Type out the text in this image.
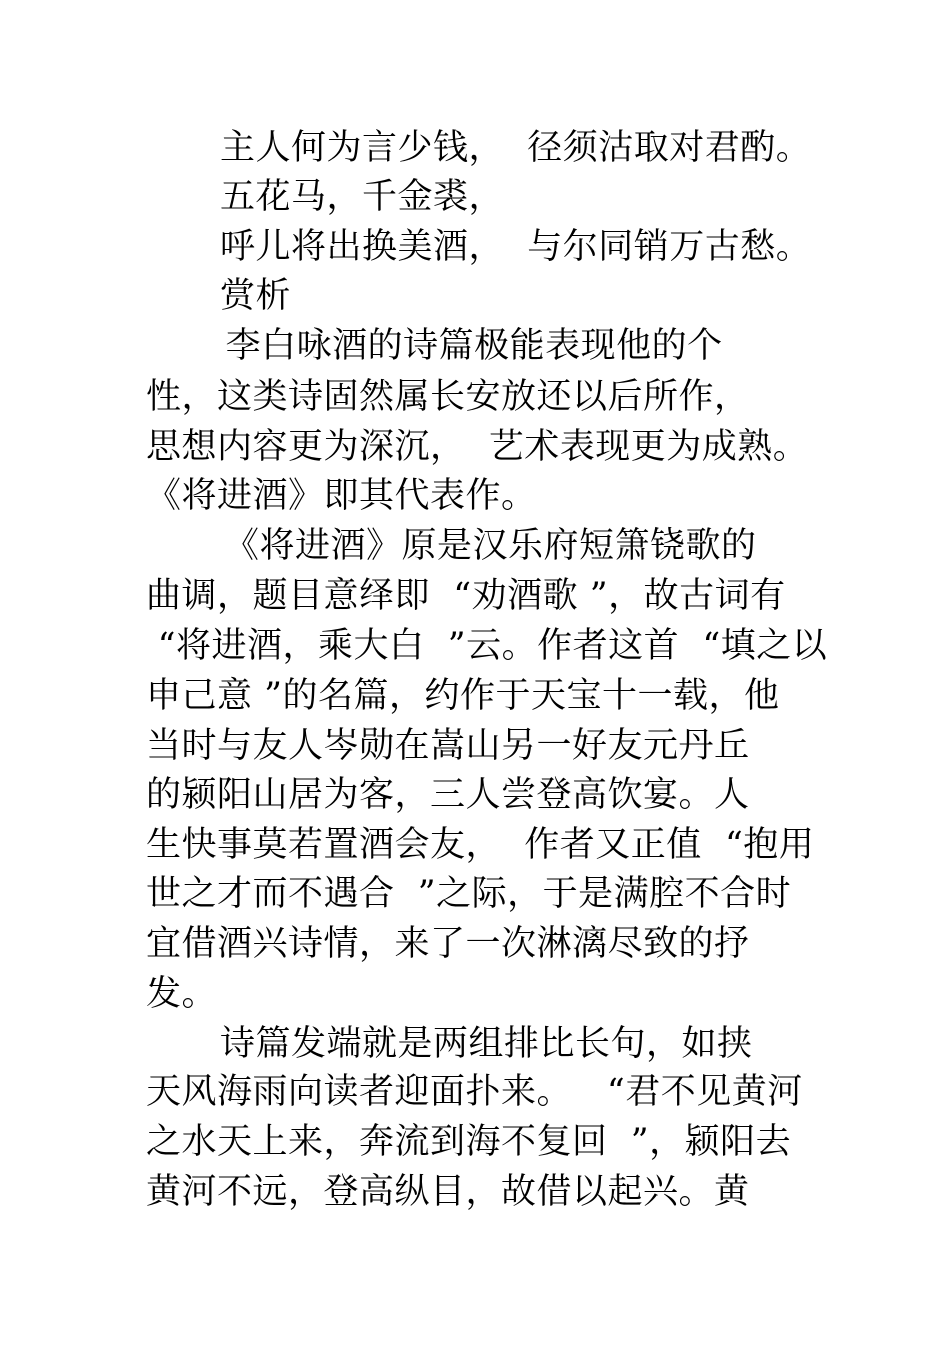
主人何为言少钱，  径须沽取对君酌。
五花马，千金裘，
呼儿将出换美酒，  与尔同销万古愁。
赏析
李白咏酒的诗篇极能表现他的个
性，这类诗固然属长安放还以后所作，
思想内容更为深沉，  艺术表现更为成熟。
《将进酒》即其代表作。
《将进酒》原是汉乐府短箫铙歌的
曲调，题目意绎即  “劝酒歌 ”，故古词有
“将进酒，乘大白  ”云。作者这首  “填之以
申己意 ”的名篇，约作于天宝十一载，他
当时与友人岑勋在嵩山另一好友元丹丘
的颍阳山居为客，三人尝登高饮宴。人
生快事莫若置酒会友，  作者又正值  “抱用
世之才而不遇合  ”之际，于是满腔不合时
宜借酒兴诗情，来了一次淋漓尽致的抒
发。
诗篇发端就是两组排比长句，如挟
天风海雨向读者迎面扑来。   “君不见黄河
之水天上来，奔流到海不复回  ”，颍阳去
黄河不远，登高纵目，故借以起兴。黄
